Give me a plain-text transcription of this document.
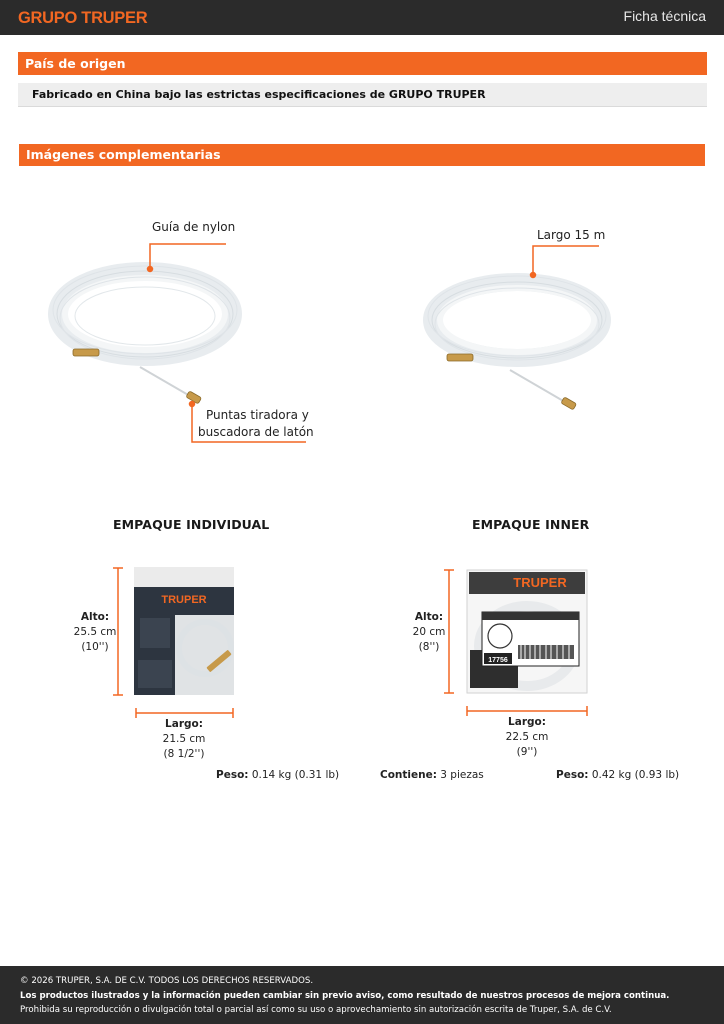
GRUPO TRUPER	Ficha técnica
País de origen
Fabricado en China bajo las estrictas especificaciones de GRUPO TRUPER
Imágenes complementarias
TRUPER
TRUPER
17756
Guía de nylon
Puntas tiradora y
buscadora de latón
Largo 15 m
EMPAQUE INDIVIDUAL	EMPAQUE INNER
Alto:
25.5 cm
(10'')
Largo:
21.5 cm
(8 1/2'')
Alto:
20 cm
(8'')
Largo:
22.5 cm
(9'')
Peso: 0.14 kg (0.31 lb)	Contiene: 3 piezas	Peso: 0.42 kg (0.93 lb)
© 2026 TRUPER, S.A. DE C.V. TODOS LOS DERECHOS RESERVADOS.
Los productos ilustrados y la información pueden cambiar sin previo aviso, como resultado de nuestros procesos de mejora continua.
Prohibida su reproducción o divulgación total o parcial así como su uso o aprovechamiento sin autorización escrita de Truper, S.A. de C.V.
